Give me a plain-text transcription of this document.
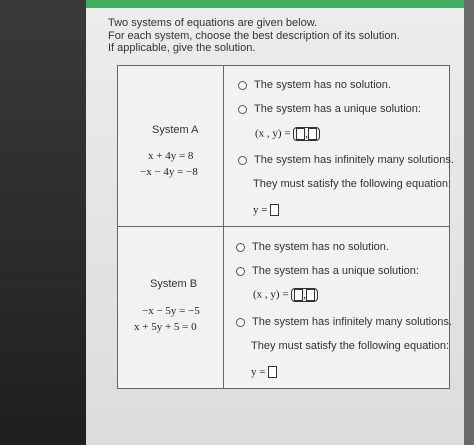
Two systems of equations are given below.
For each system, choose the best description of its solution.
If applicable, give the solution.
System A
x + 4y = 8
−x − 4y = −8
The system has no solution.
The system has a unique solution:
(x , y) = ,
The system has infinitely many solutions.
They must satisfy the following equation:
y =
System B
−x − 5y = −5
x + 5y + 5 = 0
The system has no solution.
The system has a unique solution:
(x , y) = ,
The system has infinitely many solutions.
They must satisfy the following equation:
y =
